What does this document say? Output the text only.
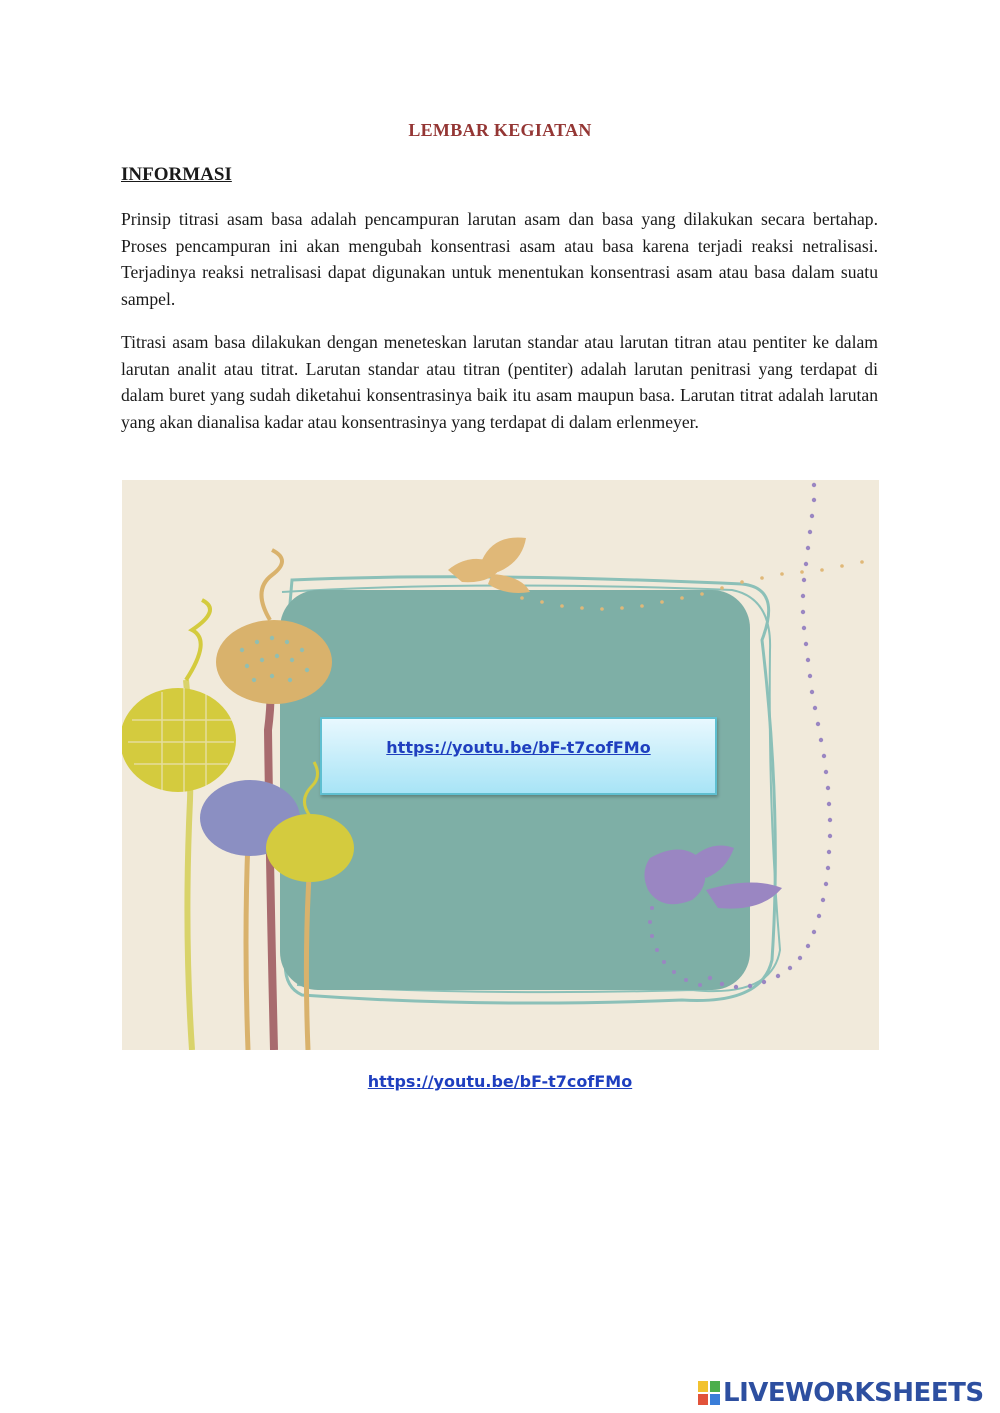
LEMBAR KEGIATAN
INFORMASI

Prinsip titrasi asam basa adalah pencampuran larutan asam dan basa yang dilakukan secara bertahap. Proses pencampuran ini akan mengubah konsentrasi asam atau basa karena terjadi reaksi netralisasi. Terjadinya reaksi netralisasi dapat digunakan untuk menentukan konsentrasi asam atau basa dalam suatu sampel.

Titrasi asam basa dilakukan dengan meneteskan larutan standar atau larutan titran atau pentiter ke dalam larutan analit atau titrat. Larutan standar atau titran (pentiter) adalah larutan penitrasi yang terdapat di dalam buret yang sudah diketahui konsentrasinya baik itu asam maupun basa. Larutan titrat adalah larutan yang akan dianalisa kadar atau konsentrasinya yang terdapat di dalam erlenmeyer.

https://youtu.be/bF-t7cofFMo
https://youtu.be/bF-t7cofFMo
LIVEWORKSHEETS
